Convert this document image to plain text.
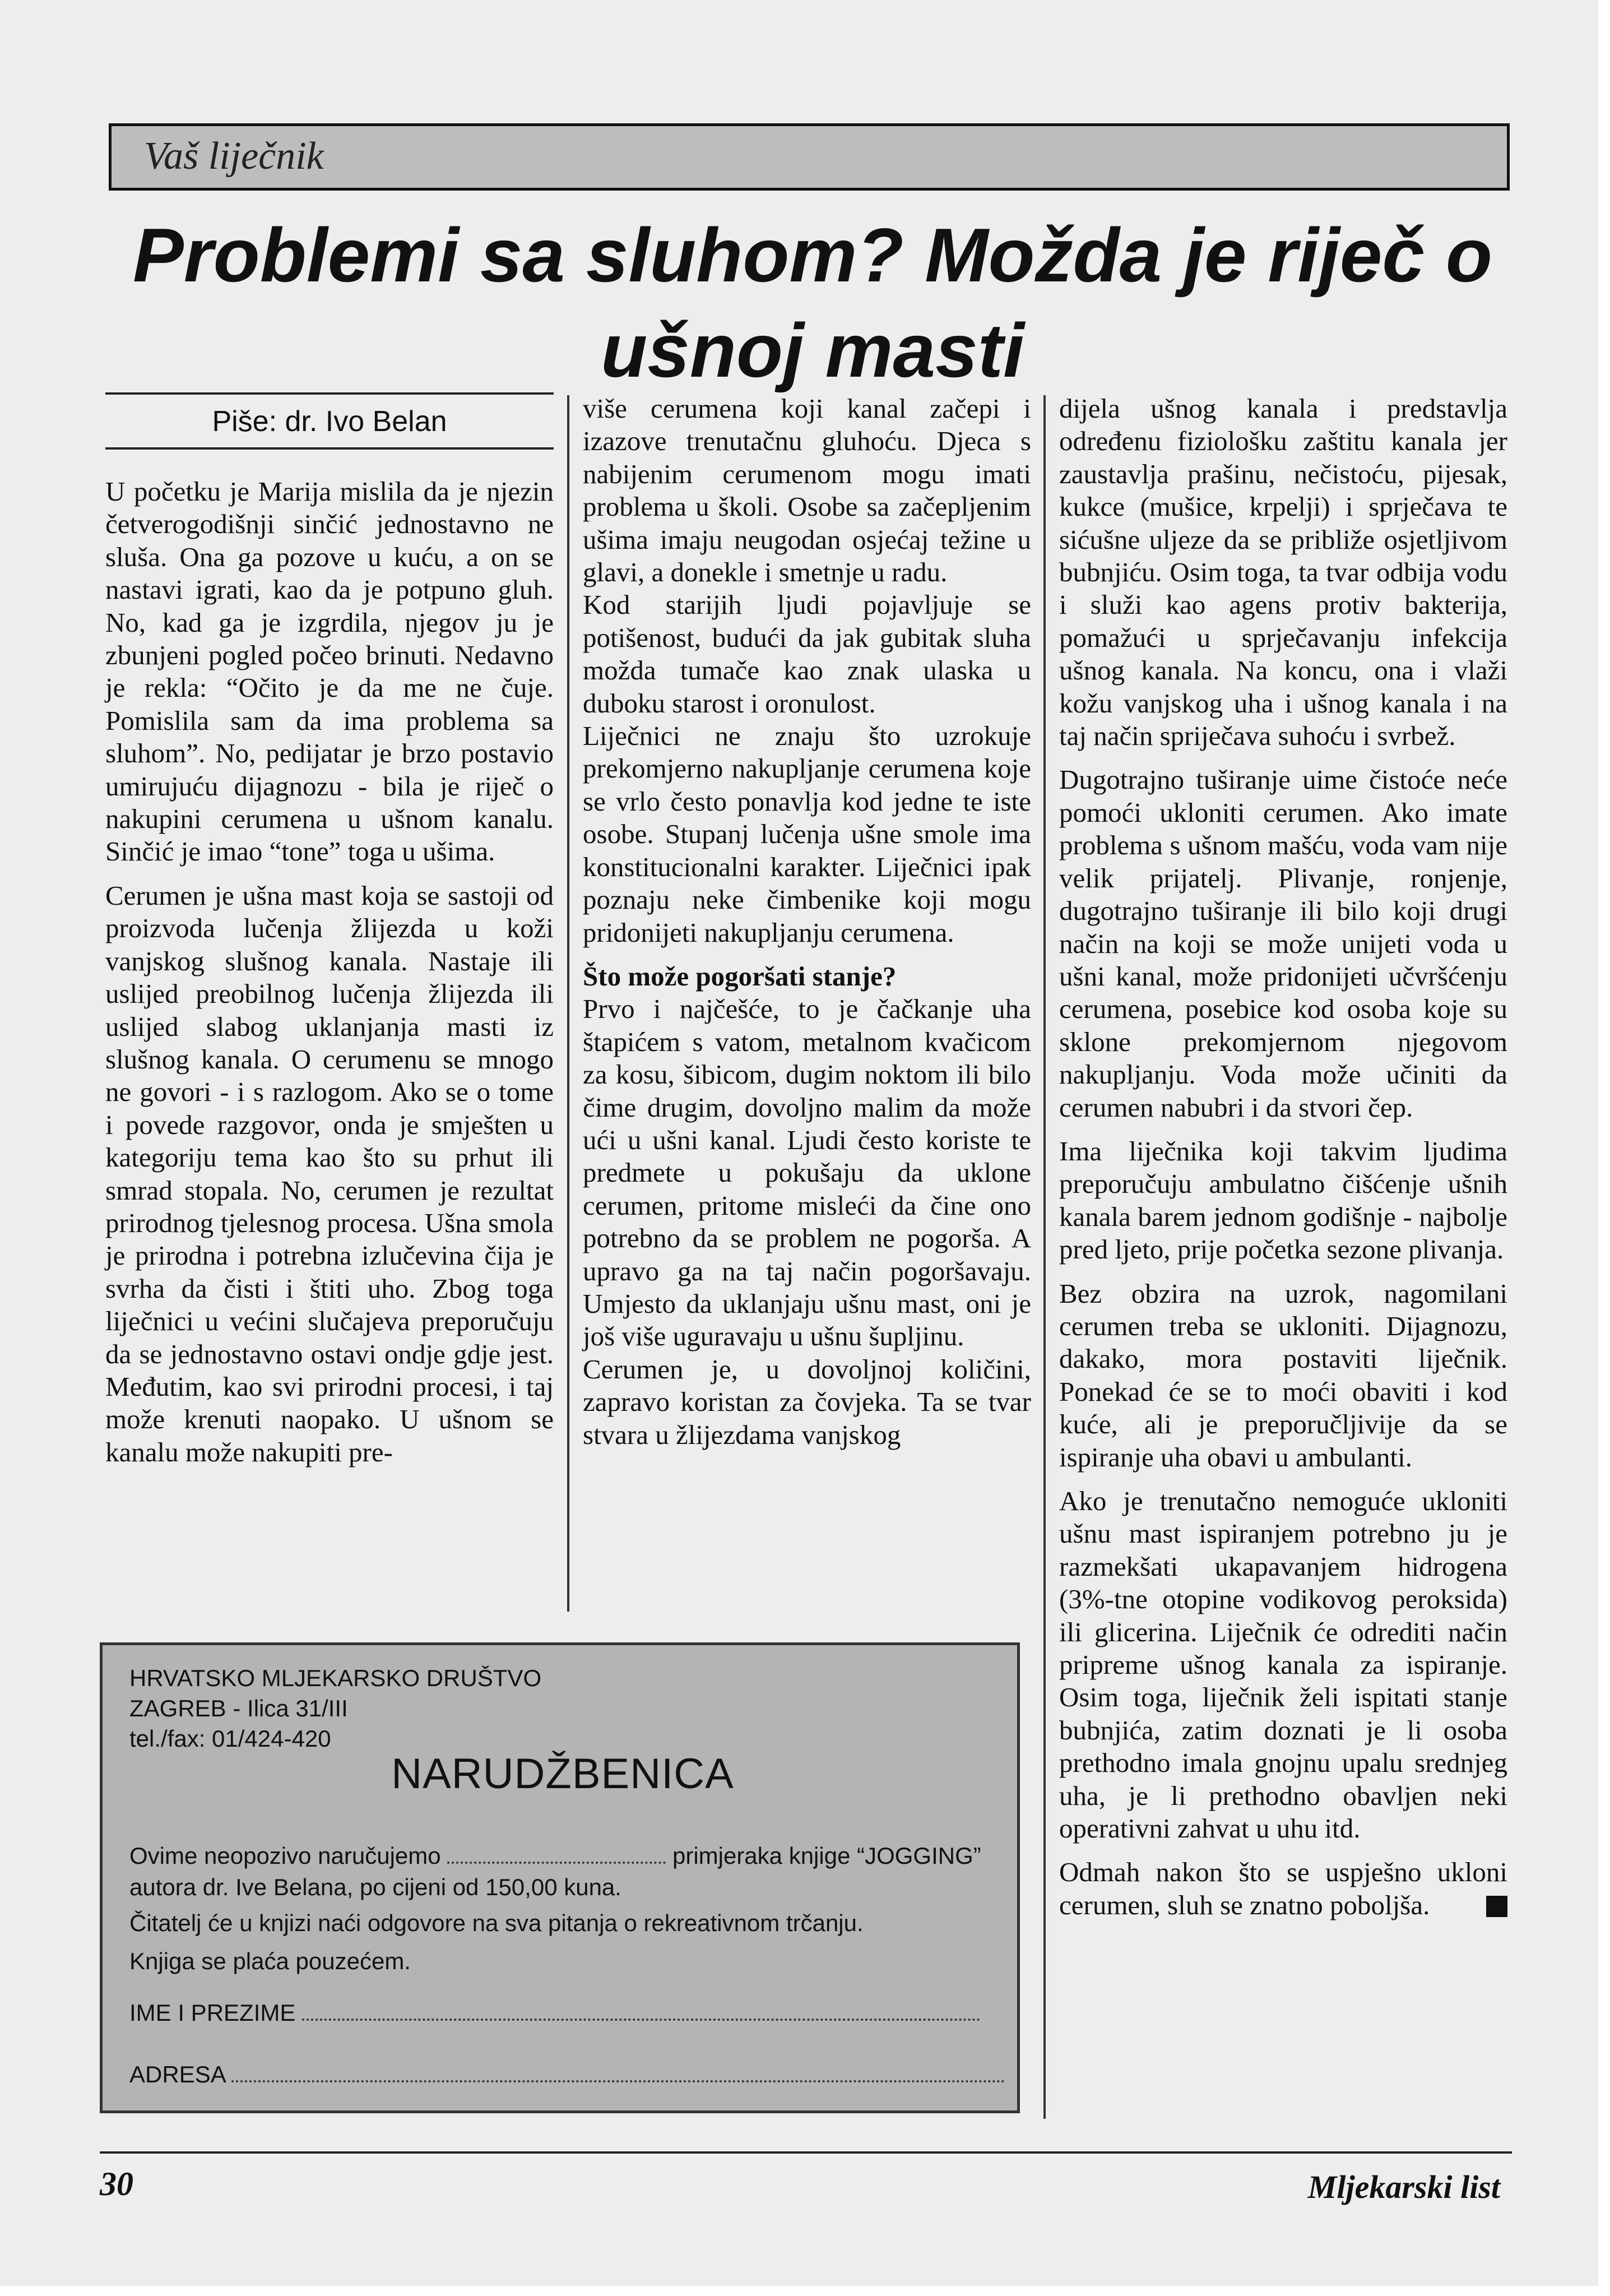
Vaš liječnik
Problemi sa sluhom? Možda je riječ o
ušnoj masti
Piše: dr. Ivo Belan

U početku je Marija mislila da je njezin četverogodišnji sinčić jednostavno ne sluša. Ona ga pozove u kuću, a on se nastavi igrati, kao da je potpuno gluh. No, kad ga je izgrdila, njegov ju je zbunjeni pogled počeo brinuti. Nedavno je rekla: “Očito je da me ne čuje. Pomislila sam da ima problema sa sluhom”. No, pedijatar je brzo postavio umirujuću dijagnozu - bila je riječ o nakupini cerumena u ušnom kanalu. Sinčić je imao “tone” toga u ušima.

Cerumen je ušna mast koja se sastoji od proizvoda lučenja žlijezda u koži vanjskog slušnog kanala. Nastaje ili uslijed preobilnog lučenja žlijezda ili uslijed slabog uklanjanja masti iz slušnog kanala. O cerumenu se mnogo ne govori - i s razlogom. Ako se o tome i povede razgovor, onda je smješten u kategoriju tema kao što su prhut ili smrad stopala. No, cerumen je rezultat prirodnog tjelesnog procesa. Ušna smola je prirodna i potrebna izlučevina čija je svrha da čisti i štiti uho. Zbog toga liječnici u većini slučajeva preporučuju da se jednostavno ostavi ondje gdje jest. Međutim, kao svi prirodni procesi, i taj može krenuti naopako. U ušnom se kanalu može nakupiti pre-

više cerumena koji kanal začepi i izazove trenutačnu gluhoću. Djeca s nabijenim cerumenom mogu imati problema u školi. Osobe sa začepljenim ušima imaju neugodan osjećaj težine u glavi, a donekle i smetnje u radu.

Kod starijih ljudi pojavljuje se potišenost, budući da jak gubitak sluha možda tumače kao znak ulaska u duboku starost i oronulost.

Liječnici ne znaju što uzrokuje prekomjerno nakupljanje cerumena koje se vrlo često ponavlja kod jedne te iste osobe. Stupanj lučenja ušne smole ima konstitucionalni karakter. Liječnici ipak poznaju neke čimbenike koji mogu pridonijeti nakupljanju cerumena.

Što može pogoršati stanje?

Prvo i najčešće, to je čačkanje uha štapićem s vatom, metalnom kvačicom za kosu, šibicom, dugim noktom ili bilo čime drugim, dovoljno malim da može ući u ušni kanal. Ljudi često koriste te predmete u pokušaju da uklone cerumen, pritome misleći da čine ono potrebno da se problem ne pogorša. A upravo ga na taj način pogoršavaju. Umjesto da uklanjaju ušnu mast, oni je još više uguravaju u ušnu šupljinu.

Cerumen je, u dovoljnoj količini, zapravo koristan za čovjeka. Ta se tvar stvara u žlijezdama vanjskog

dijela ušnog kanala i predstavlja određenu fiziološku zaštitu kanala jer zaustavlja prašinu, nečistoću, pijesak, kukce (mušice, krpelji) i sprječava te sićušne uljeze da se približe osjetljivom bubnjiću. Osim toga, ta tvar odbija vodu i služi kao agens protiv bakterija, pomažući u sprječavanju infekcija ušnog kanala. Na koncu, ona i vlaži kožu vanjskog uha i ušnog kanala i na taj način spriječava suhoću i svrbež.

Dugotrajno tuširanje uime čistoće neće pomoći ukloniti cerumen. Ako imate problema s ušnom mašću, voda vam nije velik prijatelj. Plivanje, ronjenje, dugotrajno tuširanje ili bilo koji drugi način na koji se može unijeti voda u ušni kanal, može pridonijeti učvršćenju cerumena, posebice kod osoba koje su sklone prekomjernom njegovom nakupljanju. Voda može učiniti da cerumen nabubri i da stvori čep.

Ima liječnika koji takvim ljudima preporučuju ambulatno čišćenje ušnih kanala barem jednom godišnje - najbolje pred ljeto, prije početka sezone plivanja.

Bez obzira na uzrok, nagomilani cerumen treba se ukloniti. Dijagnozu, dakako, mora postaviti liječnik. Ponekad će se to moći obaviti i kod kuće, ali je preporučljivije da se ispiranje uha obavi u ambulanti.

Ako je trenutačno nemoguće ukloniti ušnu mast ispiranjem potrebno ju je razmekšati ukapavanjem hidrogena (3%-tne otopine vodikovog peroksida) ili glicerina. Liječnik će odrediti način pripreme ušnog kanala za ispiranje. Osim toga, liječnik želi ispitati stanje bubnjića, zatim doznati je li osoba prethodno imala gnojnu upalu srednjeg uha, je li prethodno obavljen neki operativni zahvat u uhu itd.

Odmah nakon što se uspješno ukloni cerumen, sluh se znatno poboljša.

HRVATSKO MLJEKARSKO DRUŠTVO
ZAGREB - Ilica 31/III
tel./fax: 01/424-420
NARUDŽBENICA
Ovime neopozivo naručujemo	primjeraka knjige “JOGGING”
autora dr. Ive Belana, po cijeni od 150,00 kuna.
Čitatelj će u knjizi naći odgovore na sva pitanja o rekreativnom trčanju.
Knjiga se plaća pouzećem.
IME I PREZIME
ADRESA
30	Mljekarski list
